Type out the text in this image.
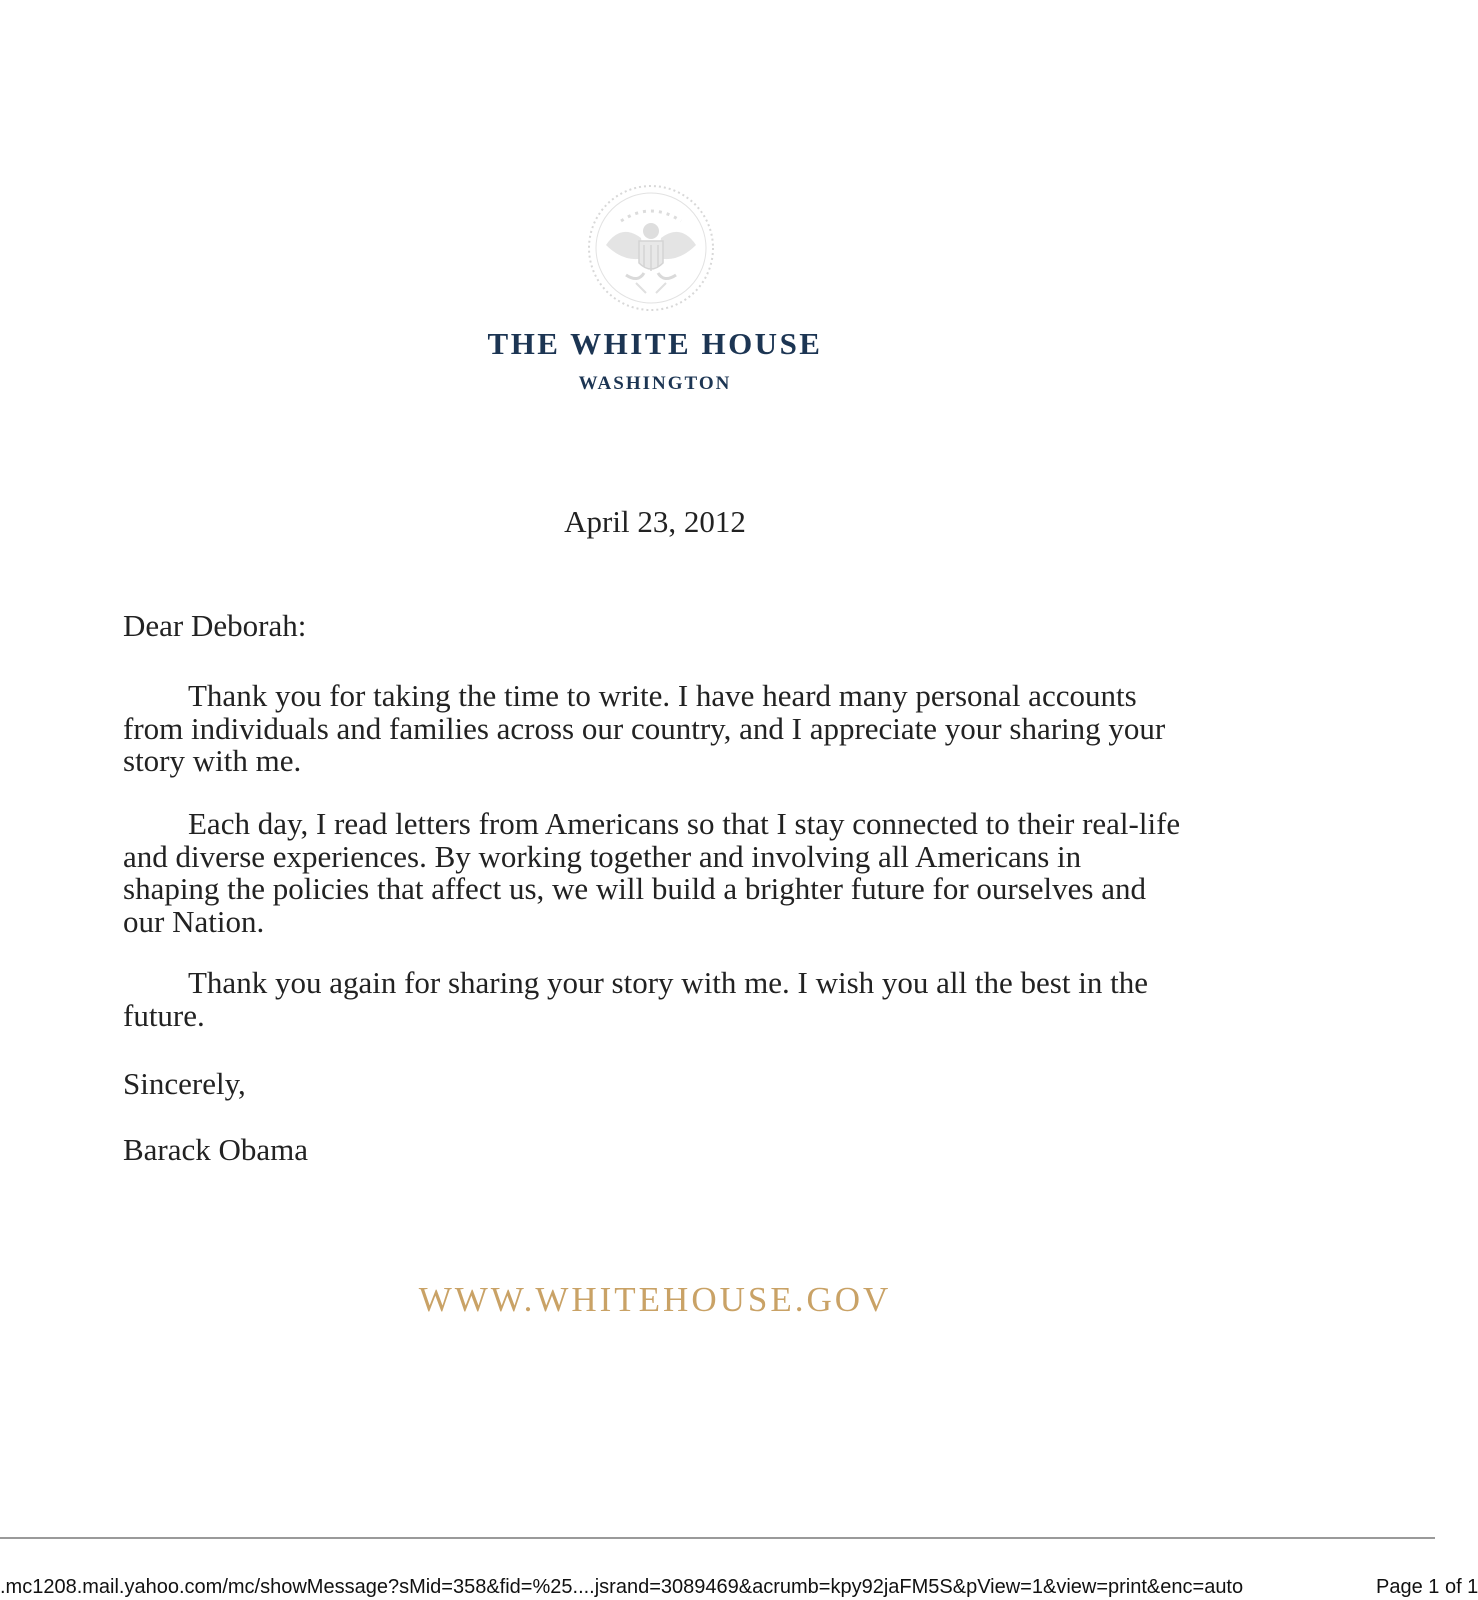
THE WHITE HOUSE
WASHINGTON
April 23, 2012

Dear Deborah:

Thank you for taking the time to write. I have heard many personal accounts from individuals and families across our country, and I appreciate your sharing your story with me.

Each day, I read letters from Americans so that I stay connected to their real-life and diverse experiences. By working together and involving all Americans in shaping the policies that affect us, we will build a brighter future for ourselves and our Nation.

Thank you again for sharing your story with me. I wish you all the best in the future.

Sincerely,

Barack Obama

WWW.WHITEHOUSE.GOV
.mc1208.mail.yahoo.com/mc/showMessage?sMid=358&fid=%25....jsrand=3089469&acrumb=kpy92jaFM5S&pView=1&view=print&enc=auto	Page 1 of 1
